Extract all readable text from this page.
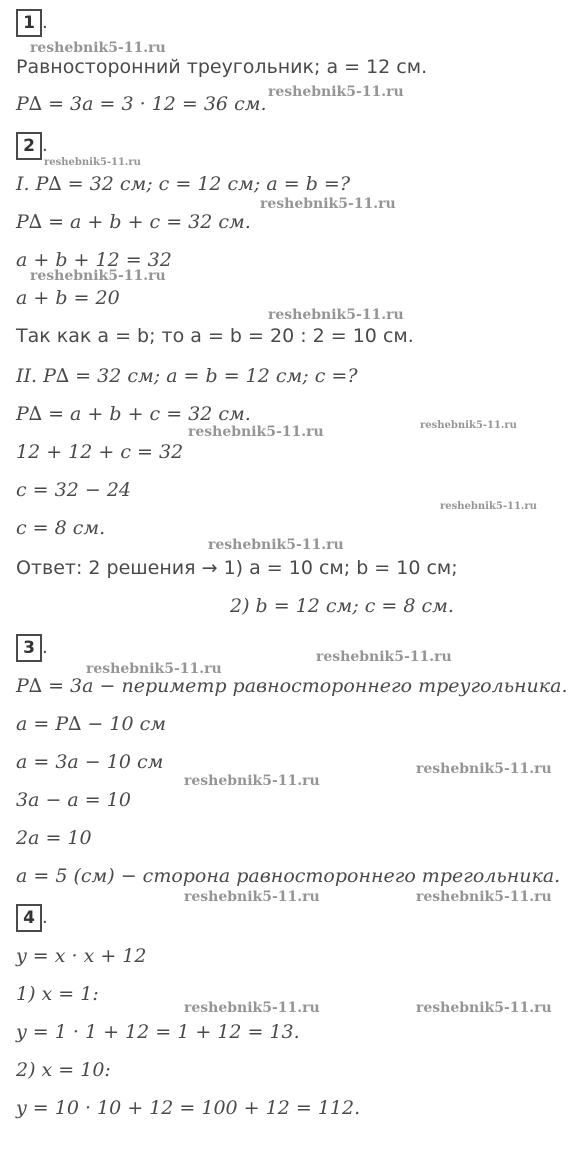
1 .
Равносторонний треугольник; a = 12 см.
P∆ = 3a = 3 · 12 = 36 см.
2 .
I. P∆ = 32 см; c = 12 см; a = b =?
P∆ = a + b + c = 32 см.
a + b + 12 = 32
a + b = 20
Так как a = b; то a = b = 20 : 2 = 10 см.
II. P∆ = 32 см; a = b = 12 см; c =?
P∆ = a + b + c = 32 см.
12 + 12 + c = 32
c = 32 − 24
c = 8 см.
Ответ: 2 решения → 1) a = 10 см; b = 10 см;
2) b = 12 см; c = 8 см.
3 .
P∆ = 3a − периметр равностороннего треугольника.
a = P∆ − 10 см
a = 3a − 10 см
3a − a = 10
2a = 10
a = 5 (см) − сторона равностороннего трегольника.
4 .
y = x · x + 12
1) x = 1:
y = 1 · 1 + 12 = 1 + 12 = 13.
2) x = 10:
y = 10 · 10 + 12 = 100 + 12 = 112.
reshebnik5-11.ru
reshebnik5-11.ru
reshebnik5-11.ru
reshebnik5-11.ru
reshebnik5-11.ru
reshebnik5-11.ru
reshebnik5-11.ru	reshebnik5-11.ru
reshebnik5-11.ru
reshebnik5-11.ru
reshebnik5-11.ru
reshebnik5-11.ru
reshebnik5-11.ru
reshebnik5-11.ru
reshebnik5-11.ru	reshebnik5-11.ru
reshebnik5-11.ru	reshebnik5-11.ru
